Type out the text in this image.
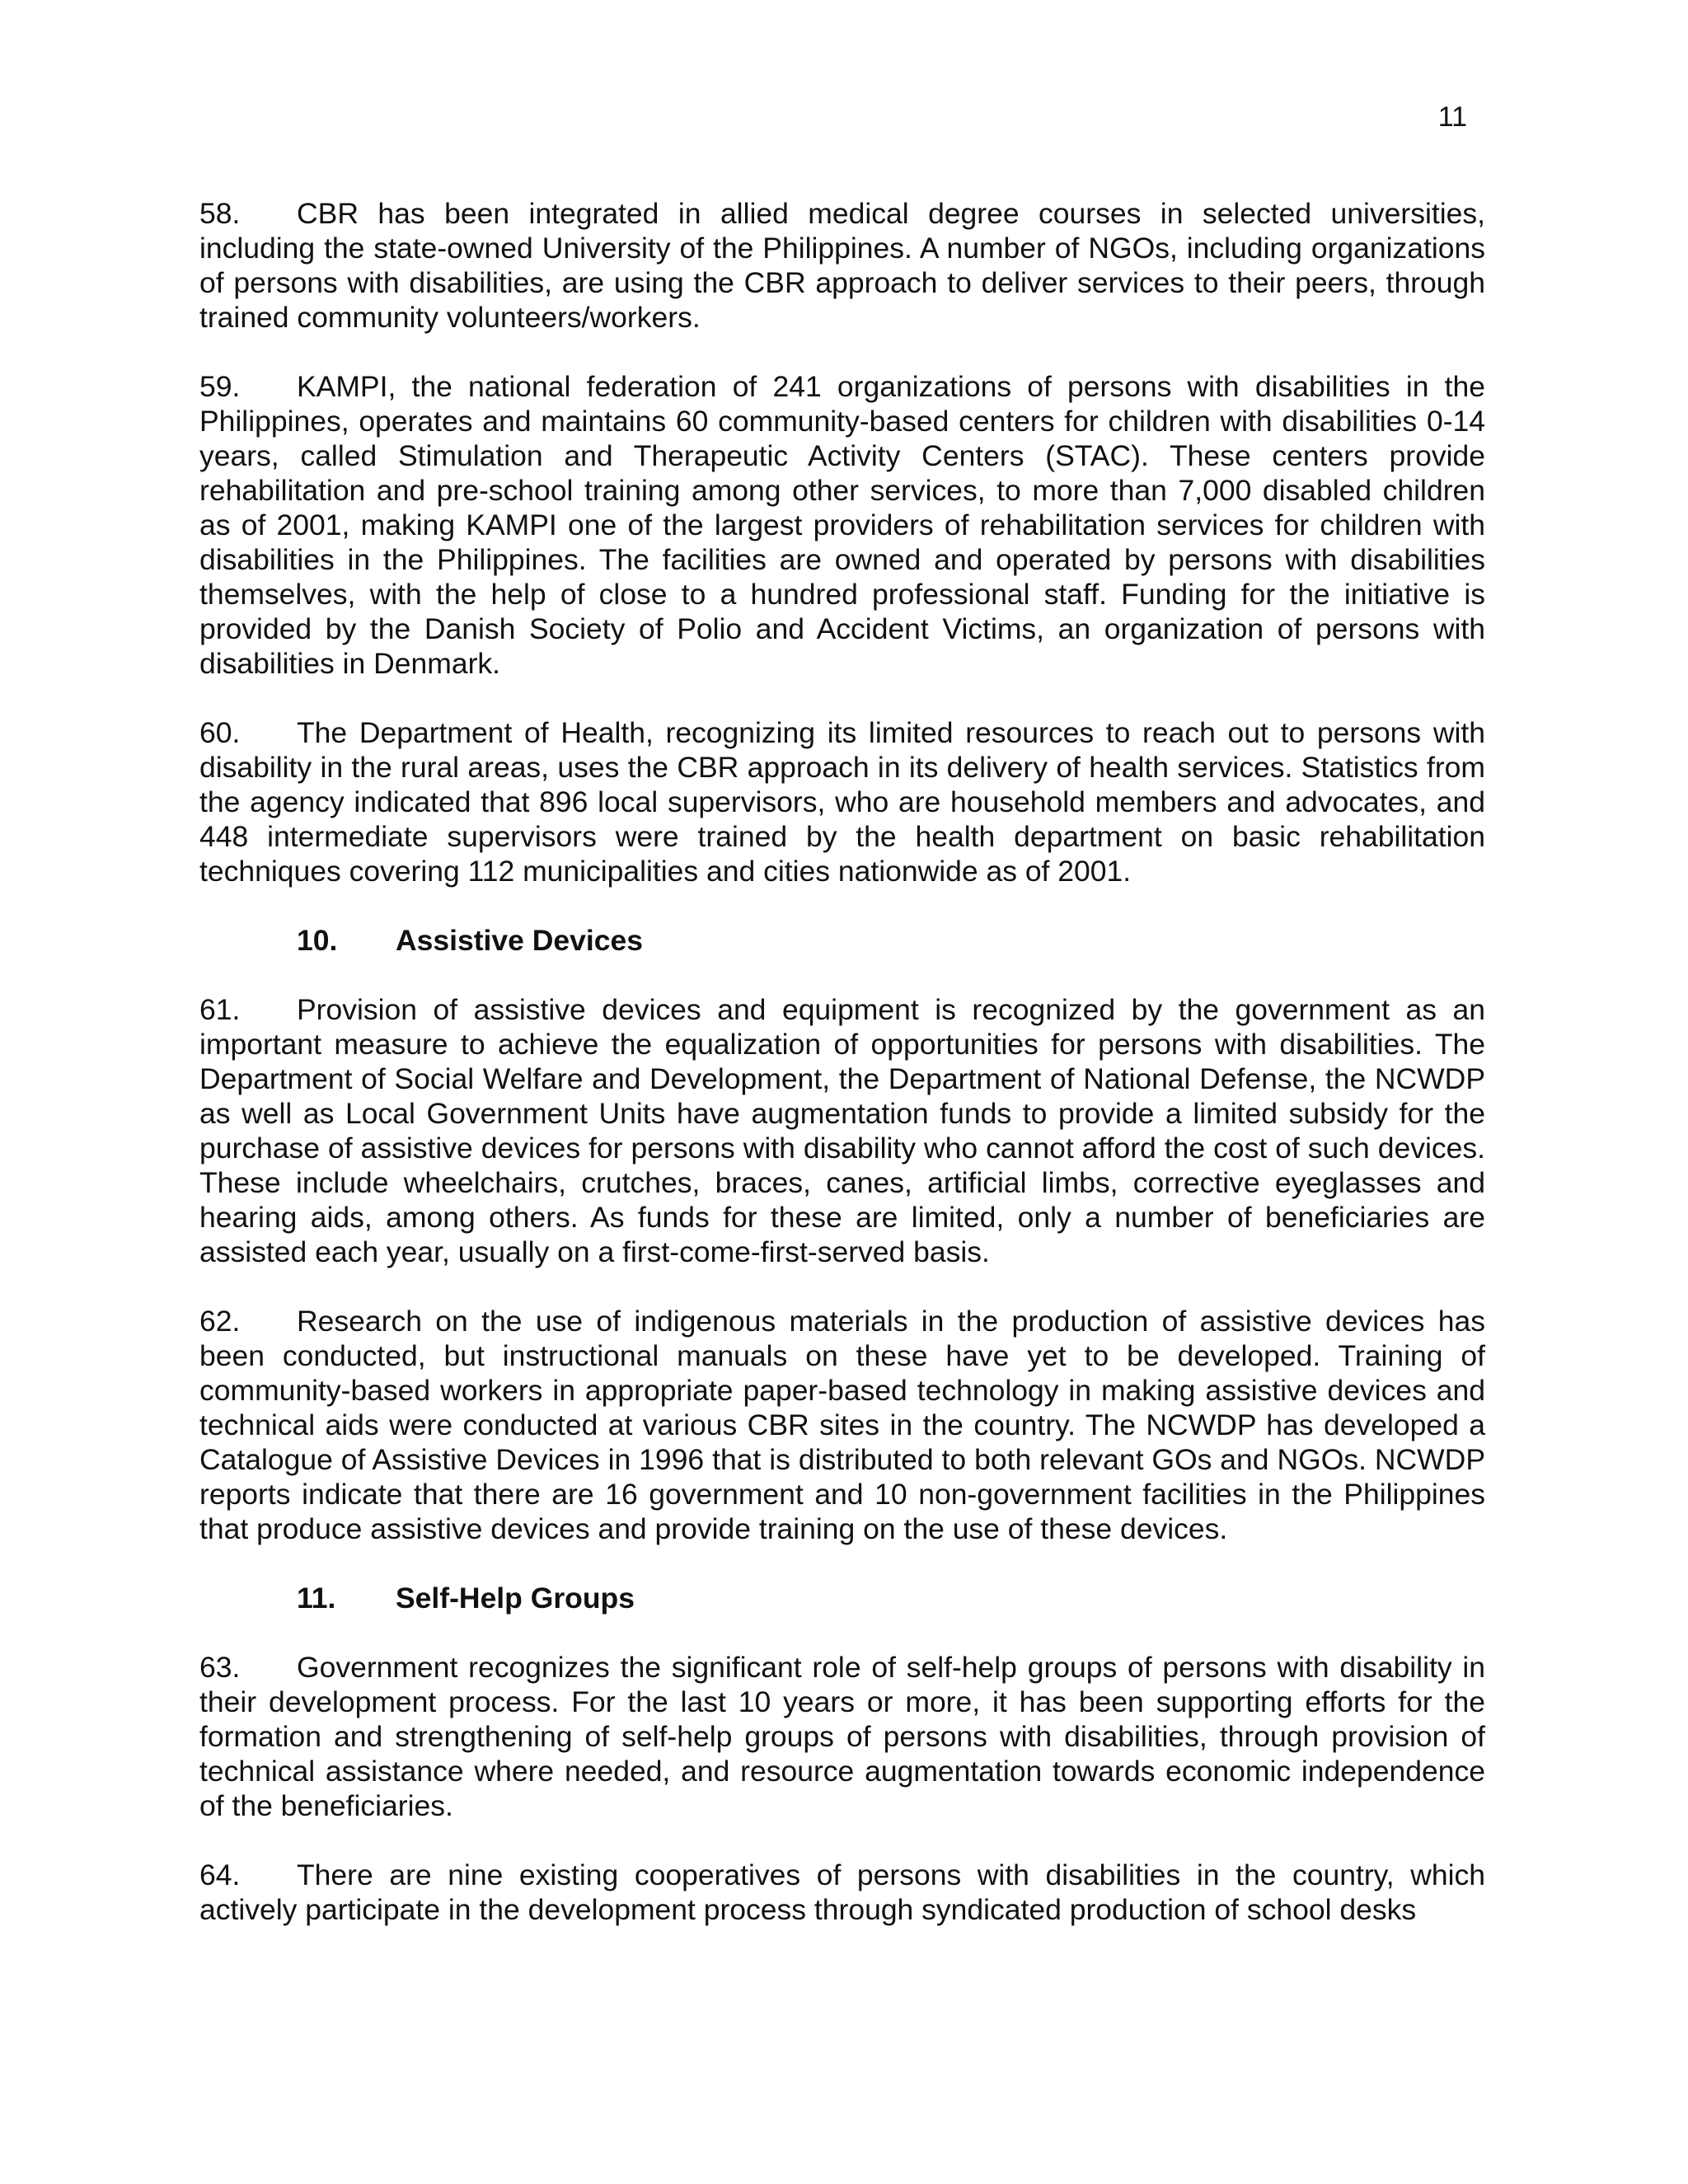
11

58. CBR has been integrated in allied medical degree courses in selected universities, including the state-owned University of the Philippines. A number of NGOs, including organizations of persons with disabilities, are using the CBR approach to deliver services to their peers, through trained community volunteers/workers.

59. KAMPI, the national federation of 241 organizations of persons with disabilities in the Philippines, operates and maintains 60 community-based centers for children with disabilities 0-14 years, called Stimulation and Therapeutic Activity Centers (STAC). These centers provide rehabilitation and pre-school training among other services, to more than 7,000 disabled children as of 2001, making KAMPI one of the largest providers of rehabilitation services for children with disabilities in the Philippines. The facilities are owned and operated by persons with disabilities themselves, with the help of close to a hundred professional staff. Funding for the initiative is provided by the Danish Society of Polio and Accident Victims, an organization of persons with disabilities in Denmark.

60. The Department of Health, recognizing its limited resources to reach out to persons with disability in the rural areas, uses the CBR approach in its delivery of health services. Statistics from the agency indicated that 896 local supervisors, who are household members and advocates, and 448 intermediate supervisors were trained by the health department on basic rehabilitation techniques covering 112 municipalities and cities nationwide as of 2001.

10. Assistive Devices

61. Provision of assistive devices and equipment is recognized by the government as an important measure to achieve the equalization of opportunities for persons with disabilities. The Department of Social Welfare and Development, the Department of National Defense, the NCWDP as well as Local Government Units have augmentation funds to provide a limited subsidy for the purchase of assistive devices for persons with disability who cannot afford the cost of such devices. These include wheelchairs, crutches, braces, canes, artificial limbs, corrective eyeglasses and hearing aids, among others. As funds for these are limited, only a number of beneficiaries are assisted each year, usually on a first-come-first-served basis.

62. Research on the use of indigenous materials in the production of assistive devices has been conducted, but instructional manuals on these have yet to be developed. Training of community-based workers in appropriate paper-based technology in making assistive devices and technical aids were conducted at various CBR sites in the country. The NCWDP has developed a Catalogue of Assistive Devices in 1996 that is distributed to both relevant GOs and NGOs. NCWDP reports indicate that there are 16 government and 10 non-government facilities in the Philippines that produce assistive devices and provide training on the use of these devices.

11. Self-Help Groups

63. Government recognizes the significant role of self-help groups of persons with disability in their development process. For the last 10 years or more, it has been supporting efforts for the formation and strengthening of self-help groups of persons with disabilities, through provision of technical assistance where needed, and resource augmentation towards economic independence of the beneficiaries.

64. There are nine existing cooperatives of persons with disabilities in the country, which actively participate in the development process through syndicated production of school desks
